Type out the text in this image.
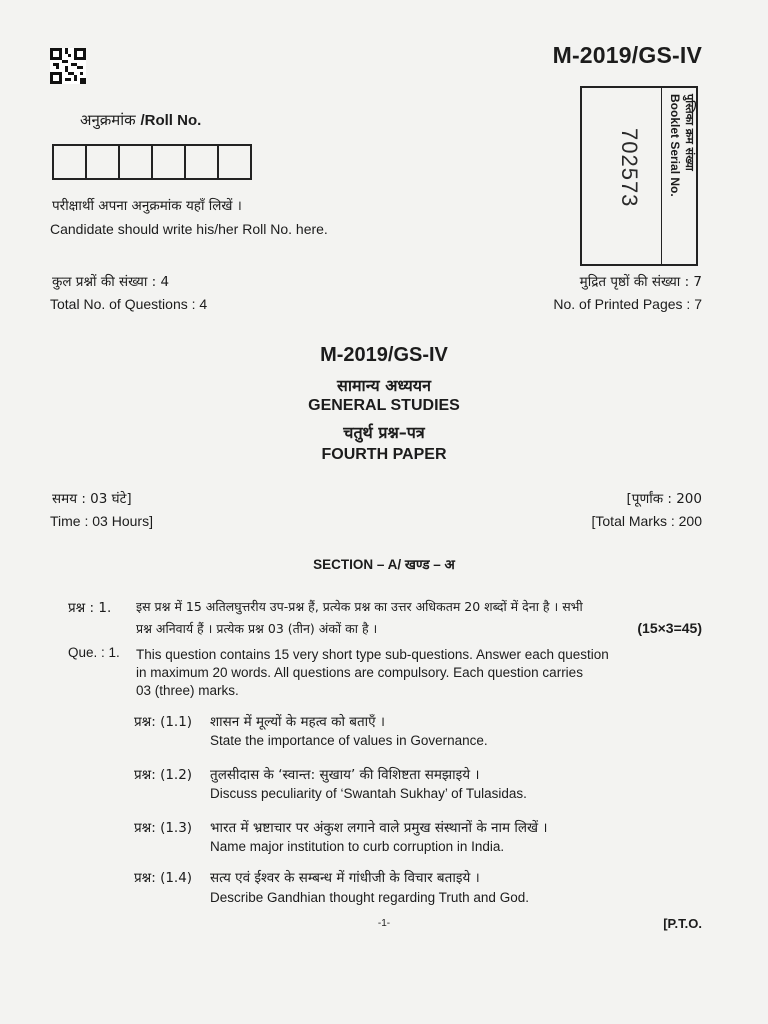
M-2019/GS-IV
अनुक्रमांक /Roll No.
परीक्षार्थी अपना अनुक्रमांक यहाँ लिखें ।
Candidate should write his/her Roll No. here.
702573	पुस्तिका क्रम संख्या
Booklet Serial No.
कुल प्रश्नों की संख्या : 4
Total No. of Questions : 4
मुद्रित पृष्ठों की संख्या : 7
No. of Printed Pages : 7
M-2019/GS-IV
सामान्य अध्ययन
GENERAL STUDIES
चतुर्थ प्रश्न–पत्र
FOURTH PAPER
समय : 03 घंटे]
Time : 03 Hours]
[पूर्णांक : 200
[Total Marks : 200
SECTION – A/ खण्ड – अ
प्रश्न : 1. इस प्रश्न में 15 अतिलघुत्तरीय उप-प्रश्न हैं, प्रत्येक प्रश्न का उत्तर अधिकतम 20 शब्दों में देना है । सभी
प्रश्न अनिवार्य हैं । प्रत्येक प्रश्न 03 (तीन) अंकों का है ।	(15×3=45)
Que. : 1. This question contains 15 very short type sub-questions. Answer each question
in maximum 20 words. All questions are compulsory. Each question carries
03 (three) marks.
प्रश्न: (1.1) शासन में मूल्यों के महत्व को बताएँ ।
State the importance of values in Governance.
प्रश्न: (1.2) तुलसीदास के ‘स्वान्त: सुखाय’ की विशिष्टता समझाइये ।
Discuss peculiarity of ‘Swantah Sukhay’ of Tulasidas.
प्रश्न: (1.3) भारत में भ्रष्टाचार पर अंकुश लगाने वाले प्रमुख संस्थानों के नाम लिखें ।
Name major institution to curb corruption in India.
प्रश्न: (1.4) सत्य एवं ईश्वर के सम्बन्ध में गांधीजी के विचार बताइये ।
Describe Gandhian thought regarding Truth and God.
-1-	[P.T.O.
